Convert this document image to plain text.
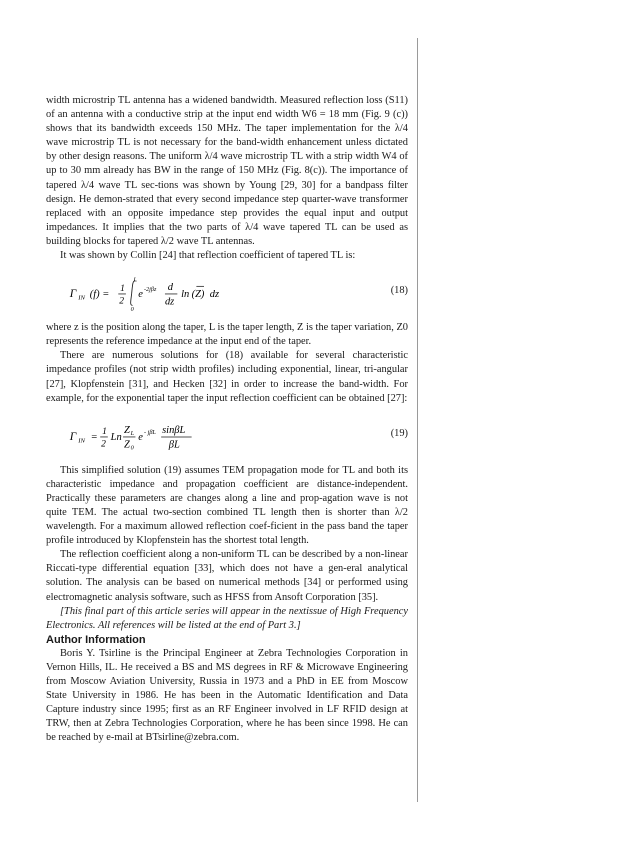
width microstrip TL antenna has a widened bandwidth. Measured reflection loss (S11) of an antenna with a conductive strip at the input end width W6 = 18 mm (Fig. 9 (c)) shows that its bandwidth exceeds 150 MHz. The taper implementation for the λ/4 wave microstrip TL is not necessary for the band-width enhancement unless dictated by other design reasons. The uniform λ/4 wave microstrip TL with a strip width W4 of up to 30 mm already has BW in the range of 150 MHz (Fig. 8(c)). The importance of tapered λ/4 wave TL sec-tions was shown by Young [29, 30] for a bandpass filter design. He demon-strated that every second impedance step quarter-wave transformer replaced with an opposite impedance step provides the equal input and output impedances. It implies that the two parts of λ/4 wave tapered TL can be used as building blocks for tapered λ/2 wave TL antennas.

It was shown by Collin [24] that reflection coefficient of tapered TL is:

Γ IN (f) = 1
2
L
0
e -2jβz d
dz
ln (Z) dz	(18)

where z is the position along the taper, L is the taper length, Z is the taper variation, Z0 represents the reference impedance at the input end of the taper.

There are numerous solutions for (18) available for several characteristic impedance profiles (not strip width profiles) including exponential, linear, tri-angular [27], Klopfenstein [31], and Hecken [32] in order to increase the band-width. For example, for the exponential taper the input reflection coefficient can be obtained [27]:

Γ IN = 1
2
Ln
Z L
Z 0
e - jβL sinβL
βL
(19)

This simplified solution (19) assumes TEM propagation mode for TL and both its characteristic impedance and propagation coefficient are distance-independent. Practically these parameters are changes along a line and prop-agation wave is not quite TEM. The actual two-section combined TL length then is shorter than λ/2 wavelength. For a maximum allowed reflection coef-ficient in the pass band the taper profile introduced by Klopfenstein has the shortest total length.

The reflection coefficient along a non-uniform TL can be described by a non-linear Riccati-type differential equation [33], which does not have a gen-eral analytical solution. The analysis can be based on numerical methods [34] or performed using electromagnetic analysis software, such as HFSS from Ansoft Corporation [35].

[This final part of this article series will appear in the nextissue of High Frequency Electronics. All references will be listed at the end of Part 3.]

Author Information

Boris Y. Tsirline is the Principal Engineer at Zebra Technologies Corporation in Vernon Hills, IL. He received a BS and MS degrees in RF & Microwave Engineering from Moscow Aviation University, Russia in 1973 and a PhD in EE from Moscow State University in 1986. He has been in the Automatic Identification and Data Capture industry since 1995; first as an RF Engineer involved in LF RFID design at TRW, then at Zebra Technologies Corporation, where he has been since 1998. He can be reached by e-mail at BTsirline@zebra.com.
